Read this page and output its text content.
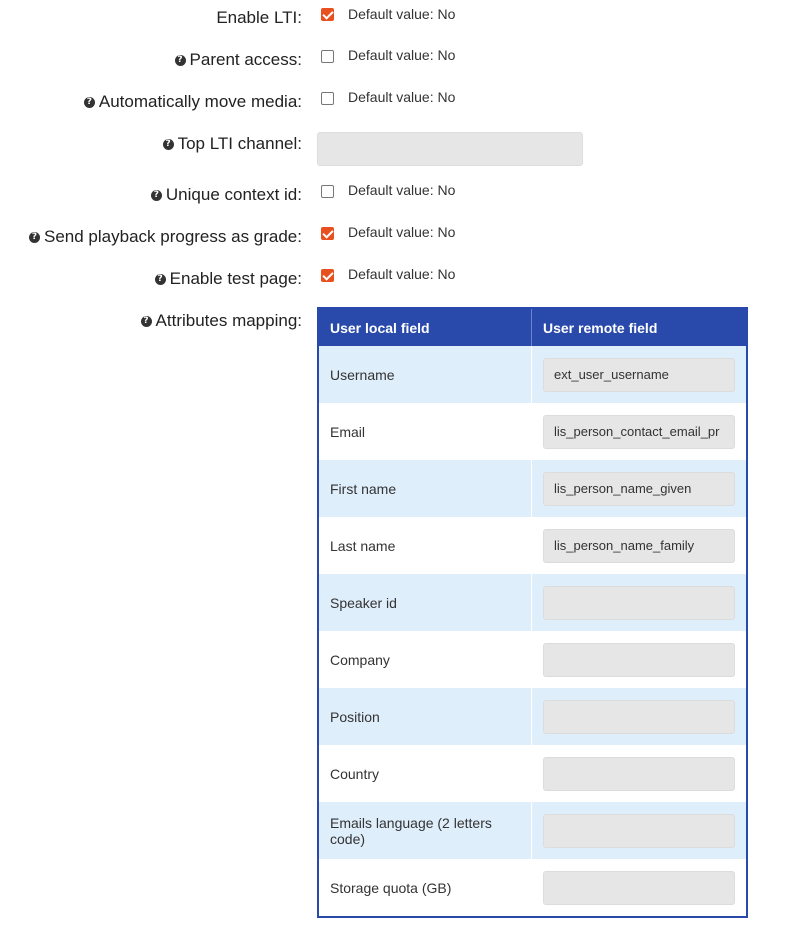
Enable LTI:	Default value: No
? Parent access:	Default value: No
? Automatically move media:	Default value: No
? Top LTI channel:
? Unique context id:	Default value: No
? Send playback progress as grade:	Default value: No
? Enable test page:	Default value: No
? Attributes mapping: User local field	User remote field
Username	ext_user_username

Email	lis_person_contact_email_pr

First name	lis_person_name_given

Last name	lis_person_name_family

Speaker id	

Company	

Position	

Country	

Emails language (2 letters code)	

Storage quota (GB)	
